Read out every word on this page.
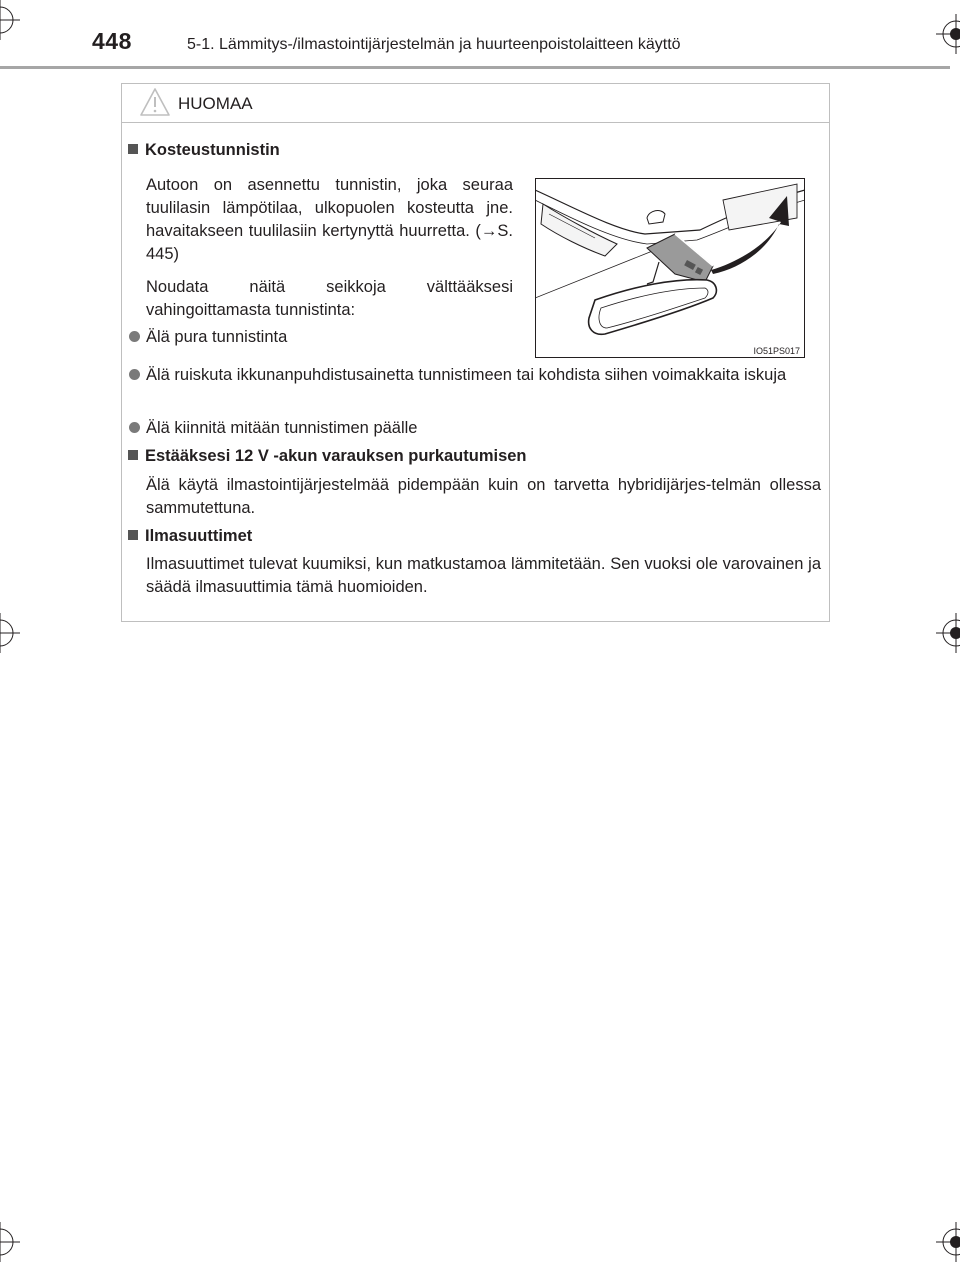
448	5-1. Lämmitys-/ilmastointijärjestelmän ja huurteenpoistolaitteen käyttö
HUOMAA
Kosteustunnistin
Autoon on asennettu tunnistin, joka seuraa tuulilasin lämpötilaa, ulkopuolen kosteutta jne. havaitakseen tuulilasiin kertynyttä huurretta. (→S. 445)
Noudata näitä seikkoja välttääksesi vahingoittamasta tunnistinta:
Älä pura tunnistinta
Älä ruiskuta ikkunanpuhdistusainetta tunnistimeen tai kohdista siihen voimakkaita iskuja
Älä kiinnitä mitään tunnistimen päälle
Estääksesi 12 V -akun varauksen purkautumisen
Älä käytä ilmastointijärjestelmää pidempään kuin on tarvetta hybridijärjes-telmän ollessa sammutettuna.
Ilmasuuttimet
Ilmasuuttimet tulevat kuumiksi, kun matkustamoa lämmitetään. Sen vuoksi ole varovainen ja säädä ilmasuuttimia tämä huomioiden.
IO51PS017
